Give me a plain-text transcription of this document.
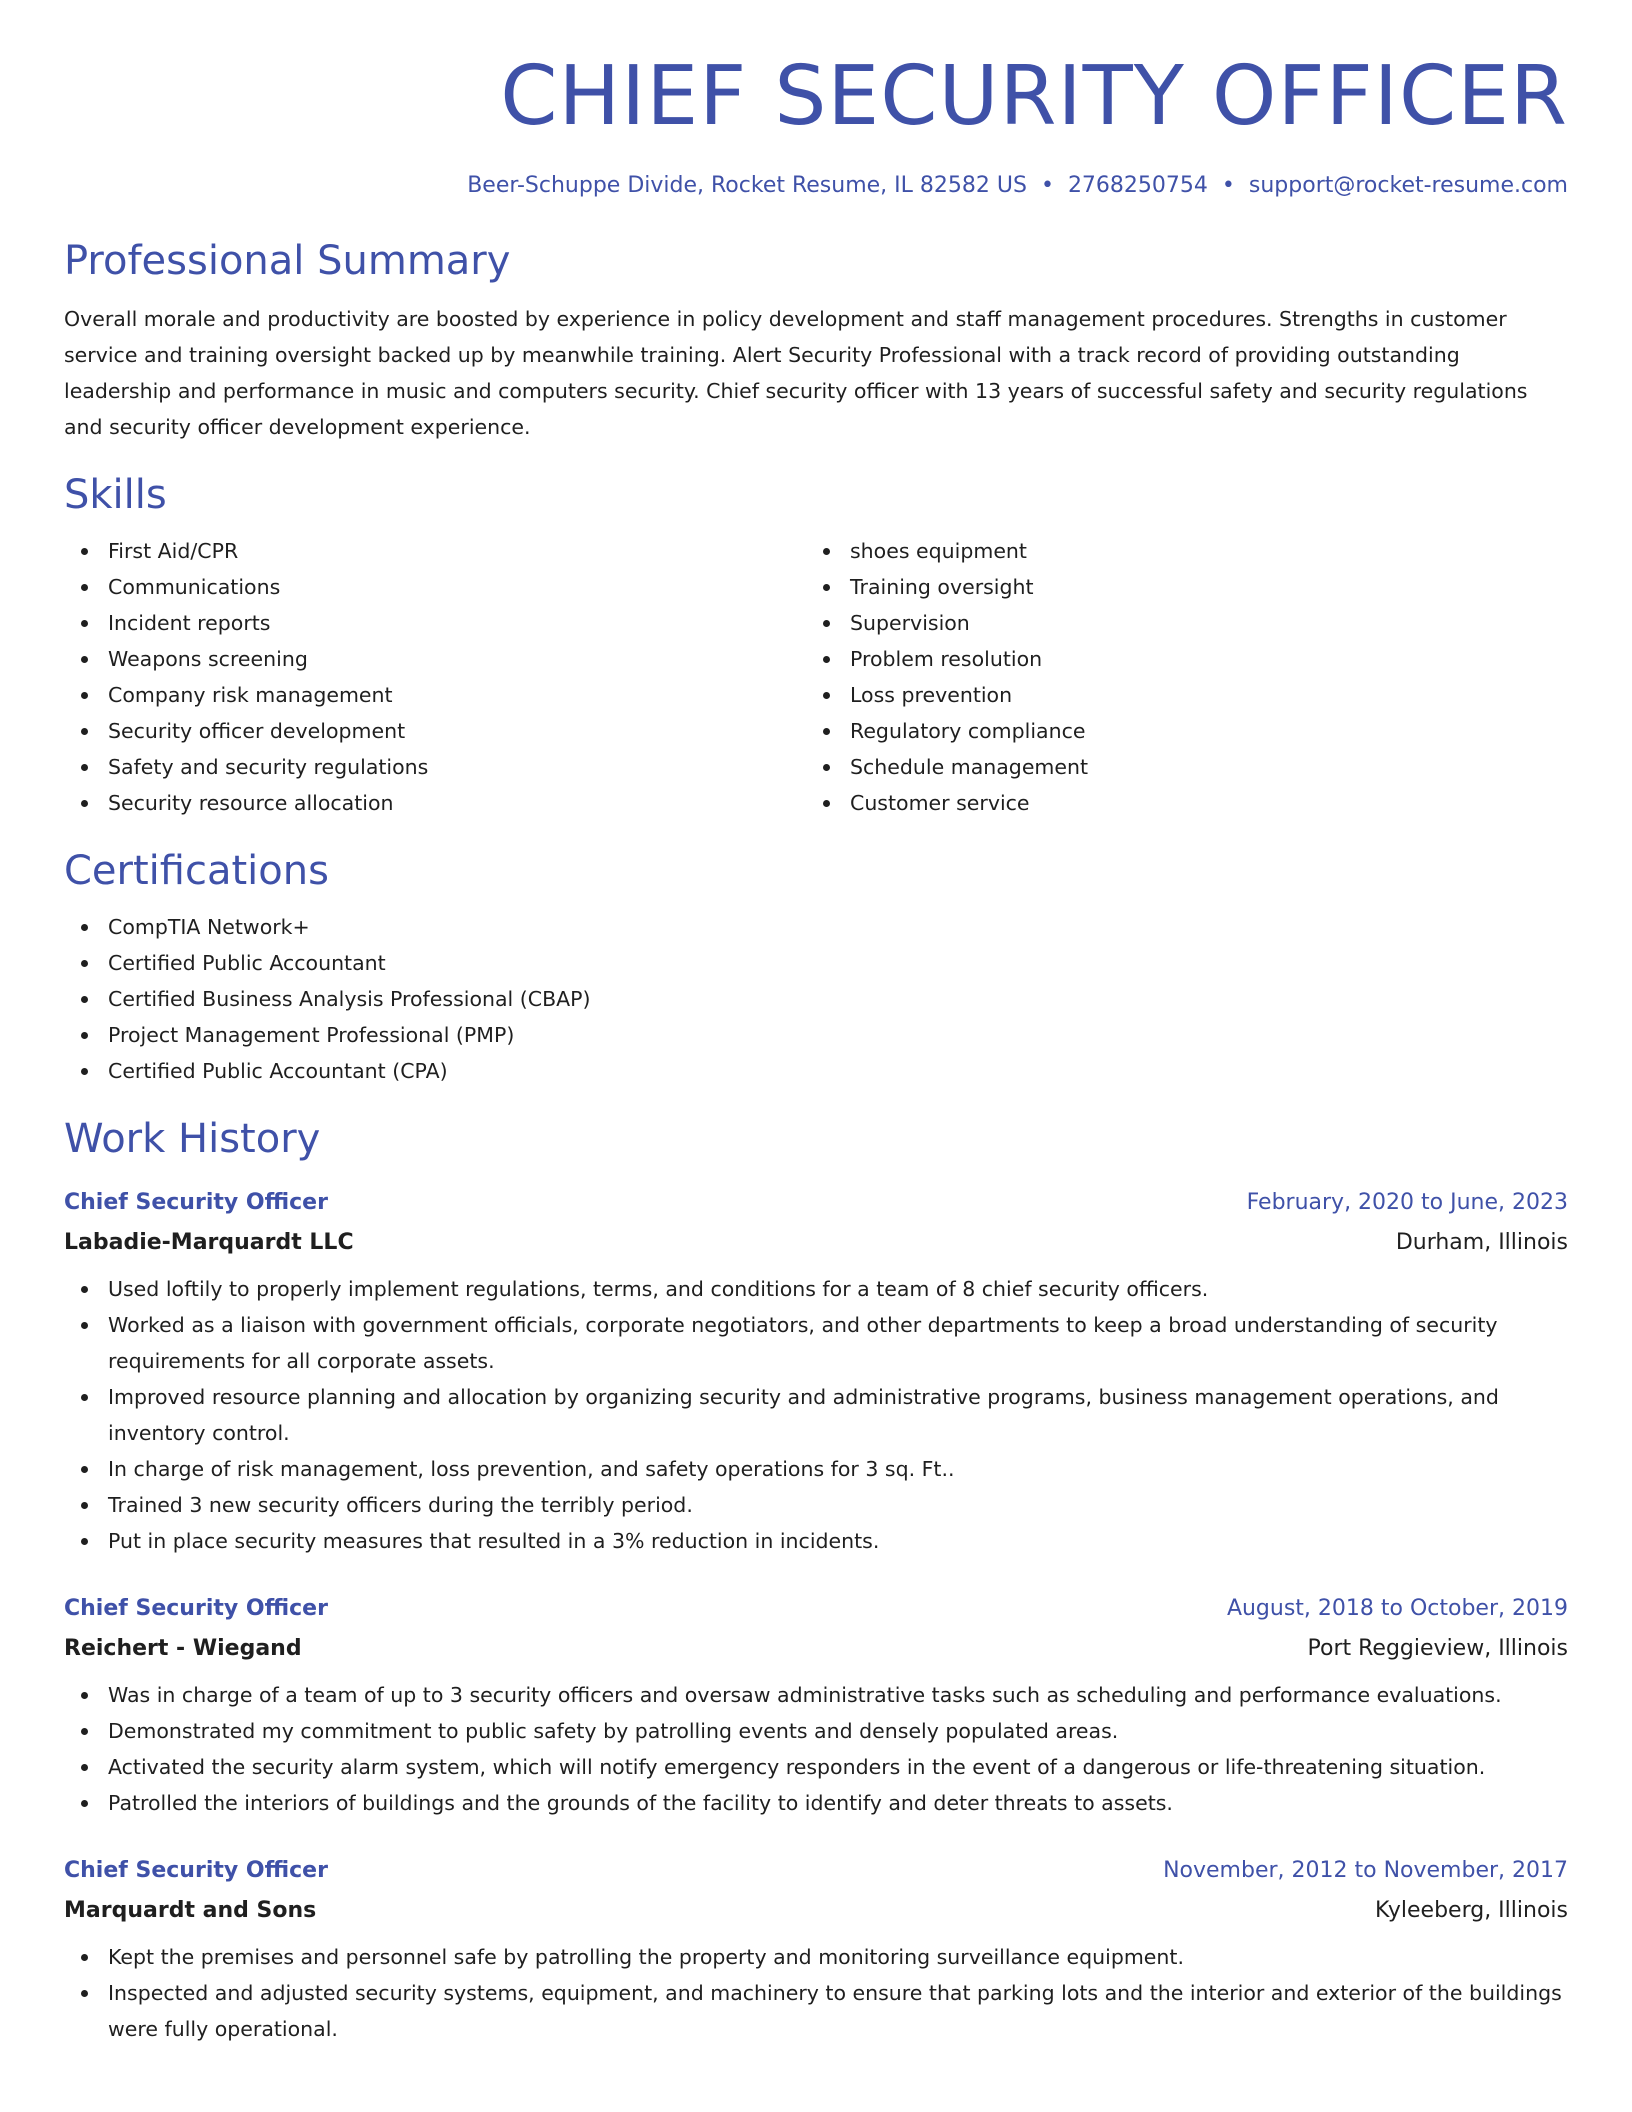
CHIEF SECURITY OFFICER
Beer-Schuppe Divide, Rocket Resume, IL 82582 US • 2768250754 • support@rocket-resume.com
Professional Summary

Overall morale and productivity are boosted by experience in policy development and staff management procedures. Strengths in customer service and training oversight backed up by meanwhile training. Alert Security Professional with a track record of providing outstanding leadership and performance in music and computers security. Chief security officer with 13 years of successful safety and security regulations and security officer development experience.

Skills
First Aid/CPR
Communications
Incident reports
Weapons screening
Company risk management
Security officer development
Safety and security regulations
Security resource allocation
shoes equipment
Training oversight
Supervision
Problem resolution
Loss prevention
Regulatory compliance
Schedule management
Customer service
Certifications
CompTIA Network+
Certified Public Accountant
Certified Business Analysis Professional (CBAP)
Project Management Professional (PMP)
Certified Public Accountant (CPA)
Work History
Chief Security Officer	February, 2020 to June, 2023
Labadie-Marquardt LLC	Durham, Illinois
Used loftily to properly implement regulations, terms, and conditions for a team of 8 chief security officers.
Worked as a liaison with government officials, corporate negotiators, and other departments to keep a broad understanding of security requirements for all corporate assets.
Improved resource planning and allocation by organizing security and administrative programs, business management operations, and inventory control.
In charge of risk management, loss prevention, and safety operations for 3 sq. Ft..
Trained 3 new security officers during the terribly period.
Put in place security measures that resulted in a 3% reduction in incidents.
Chief Security Officer	August, 2018 to October, 2019
Reichert - Wiegand	Port Reggieview, Illinois
Was in charge of a team of up to 3 security officers and oversaw administrative tasks such as scheduling and performance evaluations.
Demonstrated my commitment to public safety by patrolling events and densely populated areas.
Activated the security alarm system, which will notify emergency responders in the event of a dangerous or life-threatening situation.
Patrolled the interiors of buildings and the grounds of the facility to identify and deter threats to assets.
Chief Security Officer	November, 2012 to November, 2017
Marquardt and Sons	Kyleeberg, Illinois
Kept the premises and personnel safe by patrolling the property and monitoring surveillance equipment.
Inspected and adjusted security systems, equipment, and machinery to ensure that parking lots and the interior and exterior of the buildings were fully operational.
